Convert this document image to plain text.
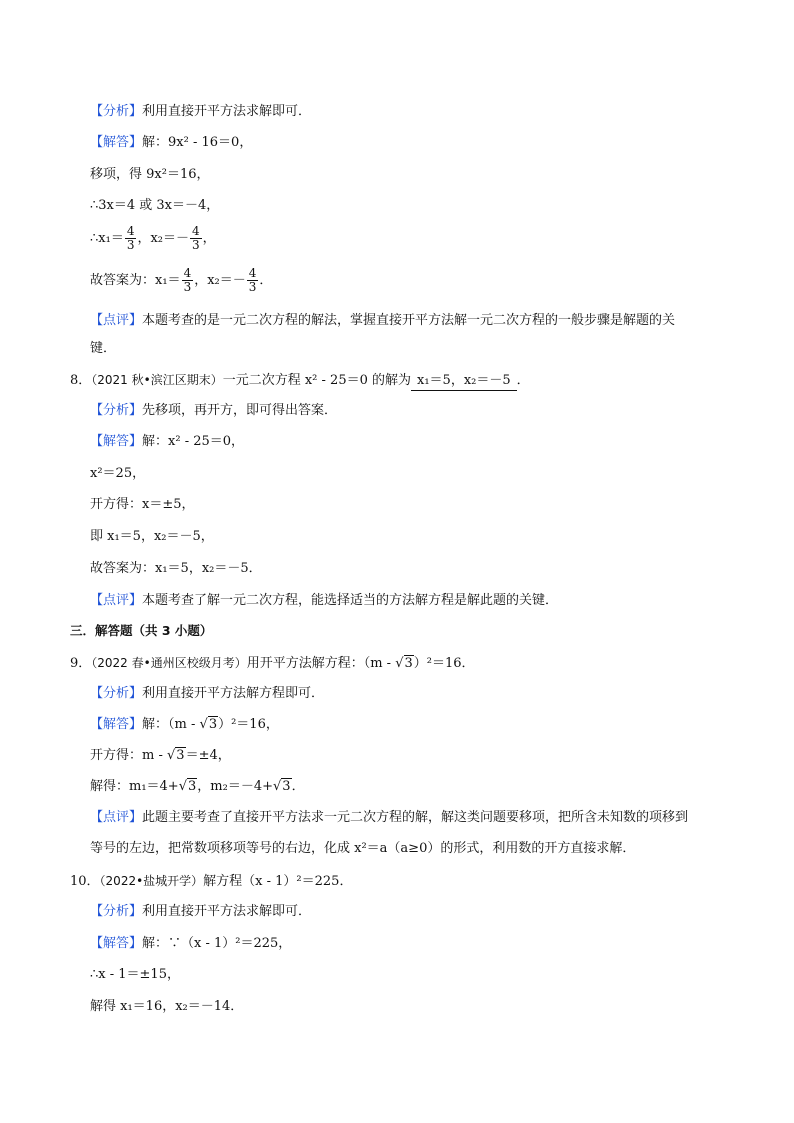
【分析】利用直接开平方法求解即可．
【解答】解：9x² - 16＝0，
移项，得 9x²＝16，
∴3x＝4 或 3x＝－4，
∴x₁＝ $\frac{4}{3}$ ，$x_2=- \frac{4}{3}$ ，
故答案为：$x_1= \frac{4}{3}$ ，$x_2=- \frac{4}{3}$ ．
【点评】本题考查的是一元二次方程的解法，掌握直接开平方法解一元二次方程的一般步骤是解题的关
键．
8．（2021 秋•滨江区期末）一元二次方程 x² - 25＝0 的解为 x₁＝5，x₂＝－5 ．
【分析】先移项，再开方，即可得出答案．
【解答】解：x² - 25＝0，
x²＝25，
开方得：x＝±5，
即 x₁＝5，x₂＝－5，
故答案为：x₁＝5，x₂＝－5．
【点评】本题考查了解一元二次方程，能选择适当的方法解方程是解此题的关键．
三．解答题（共 3 小题）
9．（2022 春•通州区校级月考）用开平方法解方程：（m - √3）²＝16．
【分析】利用直接开平方法解方程即可．
【解答】解：（m - √3）²＝16，
开方得：m - √3＝±4，
解得：m₁＝4+√3，m₂＝－4+√3．
【点评】此题主要考查了直接开平方法求一元二次方程的解，解这类问题要移项，把所含未知数的项移到
等号的左边，把常数项移项等号的右边，化成 x²＝a（a≥0）的形式，利用数的开方直接求解．
10．（2022•盐城开学）解方程（x - 1）²＝225．
【分析】利用直接开平方法求解即可．
【解答】解：∵（x - 1）²＝225，
∴x - 1＝±15，
解得 x₁＝16，x₂＝－14．
